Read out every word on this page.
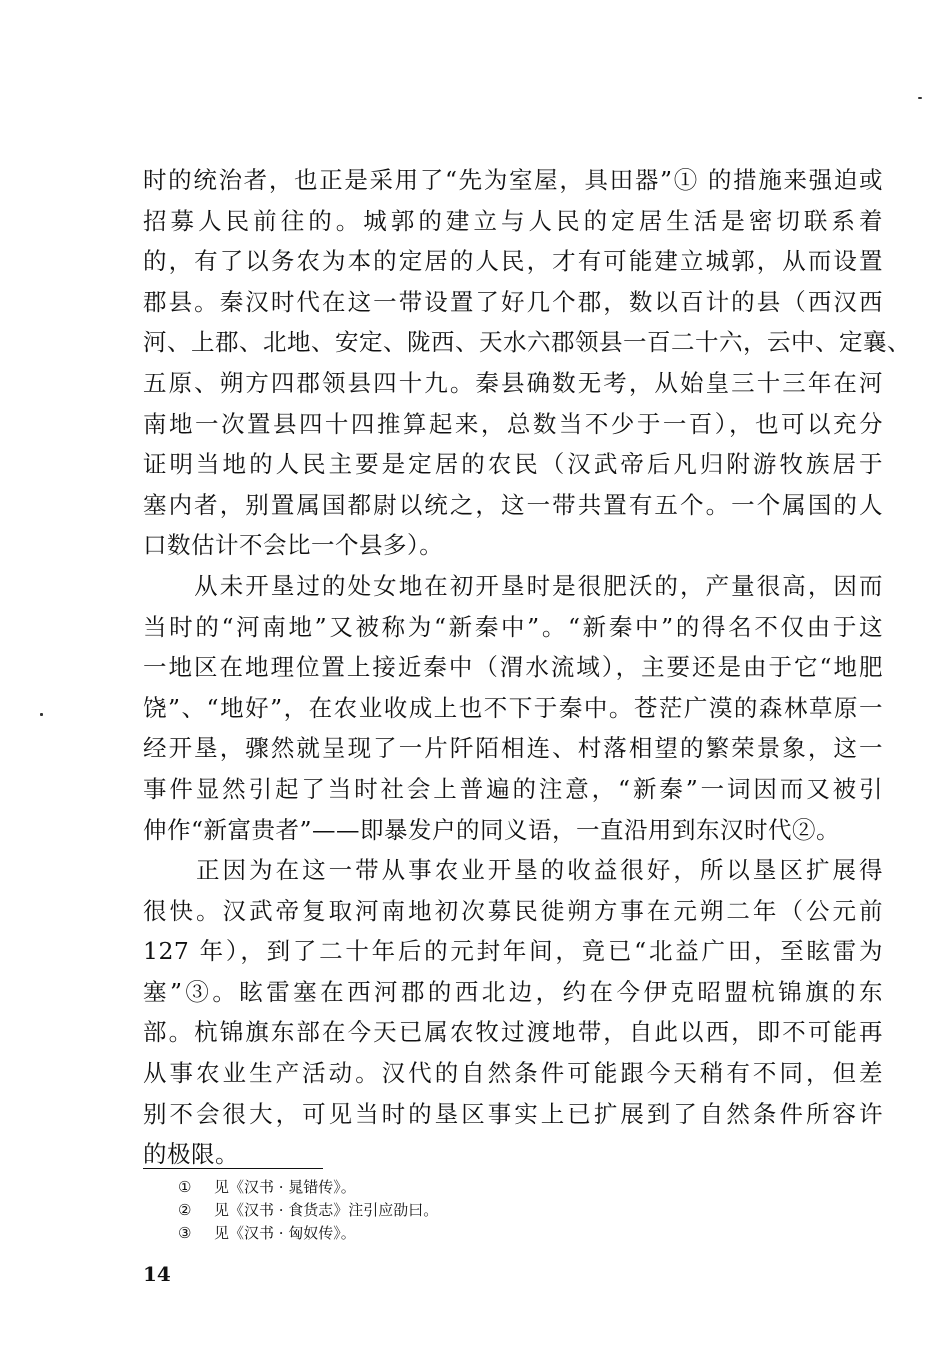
时的统治者，也正是采用了“先为室屋，具田器”① 的措施来强迫或
招募人民前往的。城郭的建立与人民的定居生活是密切联系着
的，有了以务农为本的定居的人民，才有可能建立城郭，从而设置
郡县。秦汉时代在这一带设置了好几个郡，数以百计的县（西汉西
河、上郡、北地、安定、陇西、天水六郡领县一百二十六，云中、定襄、
五原、朔方四郡领县四十九。秦县确数无考，从始皇三十三年在河
南地一次置县四十四推算起来，总数当不少于一百），也可以充分
证明当地的人民主要是定居的农民（汉武帝后凡归附游牧族居于
塞内者，别置属国都尉以统之，这一带共置有五个。一个属国的人
口数估计不会比一个县多）。
　　从未开垦过的处女地在初开垦时是很肥沃的，产量很高，因而
当时的“河南地”又被称为“新秦中”。“新秦中”的得名不仅由于这
一地区在地理位置上接近秦中（渭水流域），主要还是由于它“地肥
饶”、“地好”，在农业收成上也不下于秦中。苍茫广漠的森林草原一
经开垦，骤然就呈现了一片阡陌相连、村落相望的繁荣景象，这一
事件显然引起了当时社会上普遍的注意，“新秦”一词因而又被引
伸作“新富贵者”——即暴发户的同义语，一直沿用到东汉时代②。
　　正因为在这一带从事农业开垦的收益很好，所以垦区扩展得
很快。汉武帝复取河南地初次募民徙朔方事在元朔二年（公元前
127 年），到了二十年后的元封年间，竟已“北益广田，至眩雷为
塞”③。眩雷塞在西河郡的西北边，约在今伊克昭盟杭锦旗的东
部。杭锦旗东部在今天已属农牧过渡地带，自此以西，即不可能再
从事农业生产活动。汉代的自然条件可能跟今天稍有不同，但差
别不会很大，可见当时的垦区事实上已扩展到了自然条件所容许
的极限。
① 见《汉书 · 晁错传》。
② 见《汉书 · 食货志》注引应劭曰。
③ 见《汉书 · 匈奴传》。
14
